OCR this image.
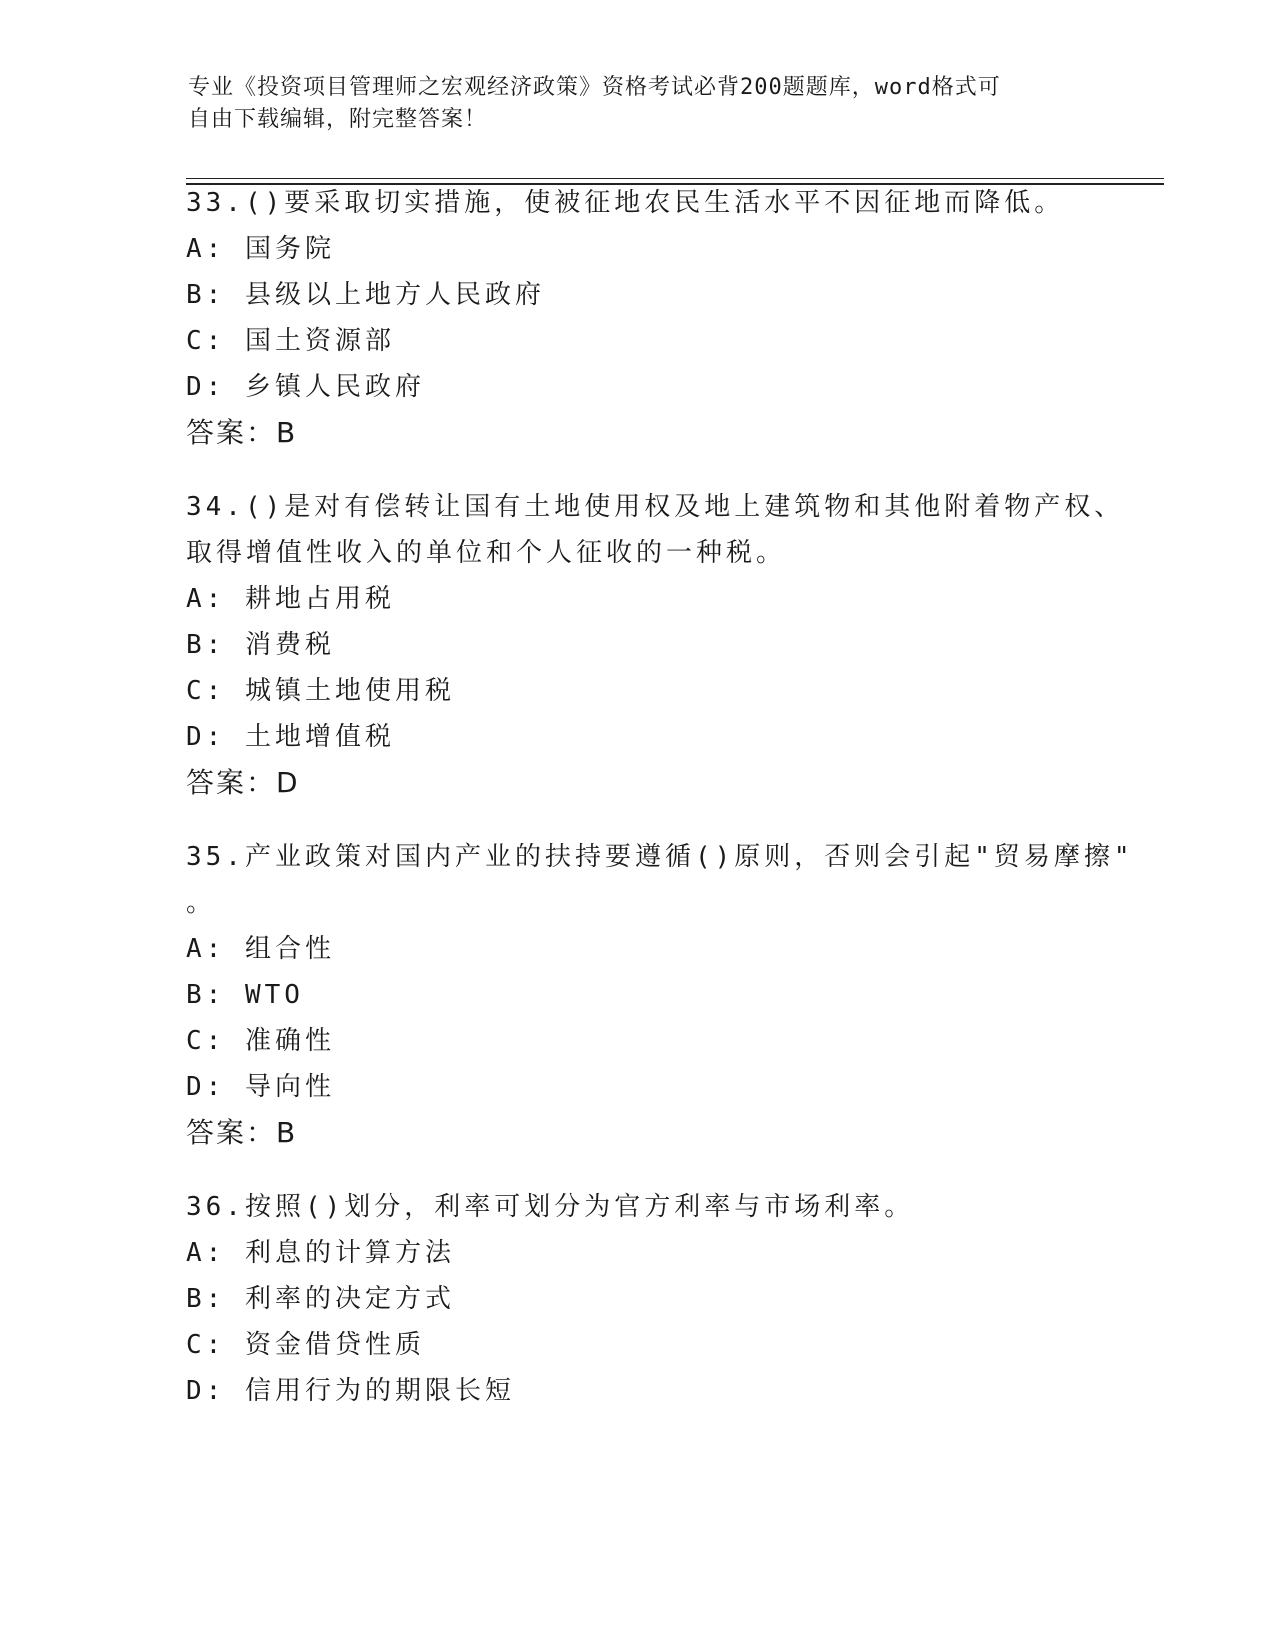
专业《投资项目管理师之宏观经济政策》资格考试必背200题题库，word格式可
自由下载编辑，附完整答案！
33.()要采取切实措施，使被征地农民生活水平不因征地而降低。
A: 国务院
B: 县级以上地方人民政府
C: 国土资源部
D: 乡镇人民政府
答案：B
34.()是对有偿转让国有土地使用权及地上建筑物和其他附着物产权、
取得增值性收入的单位和个人征收的一种税。
A: 耕地占用税
B: 消费税
C: 城镇土地使用税
D: 土地增值税
答案：D
35.产业政策对国内产业的扶持要遵循()原则，否则会引起"贸易摩擦"
。
A: 组合性
B: WTO
C: 准确性
D: 导向性
答案：B
36.按照()划分，利率可划分为官方利率与市场利率。
A: 利息的计算方法
B: 利率的决定方式
C: 资金借贷性质
D: 信用行为的期限长短
